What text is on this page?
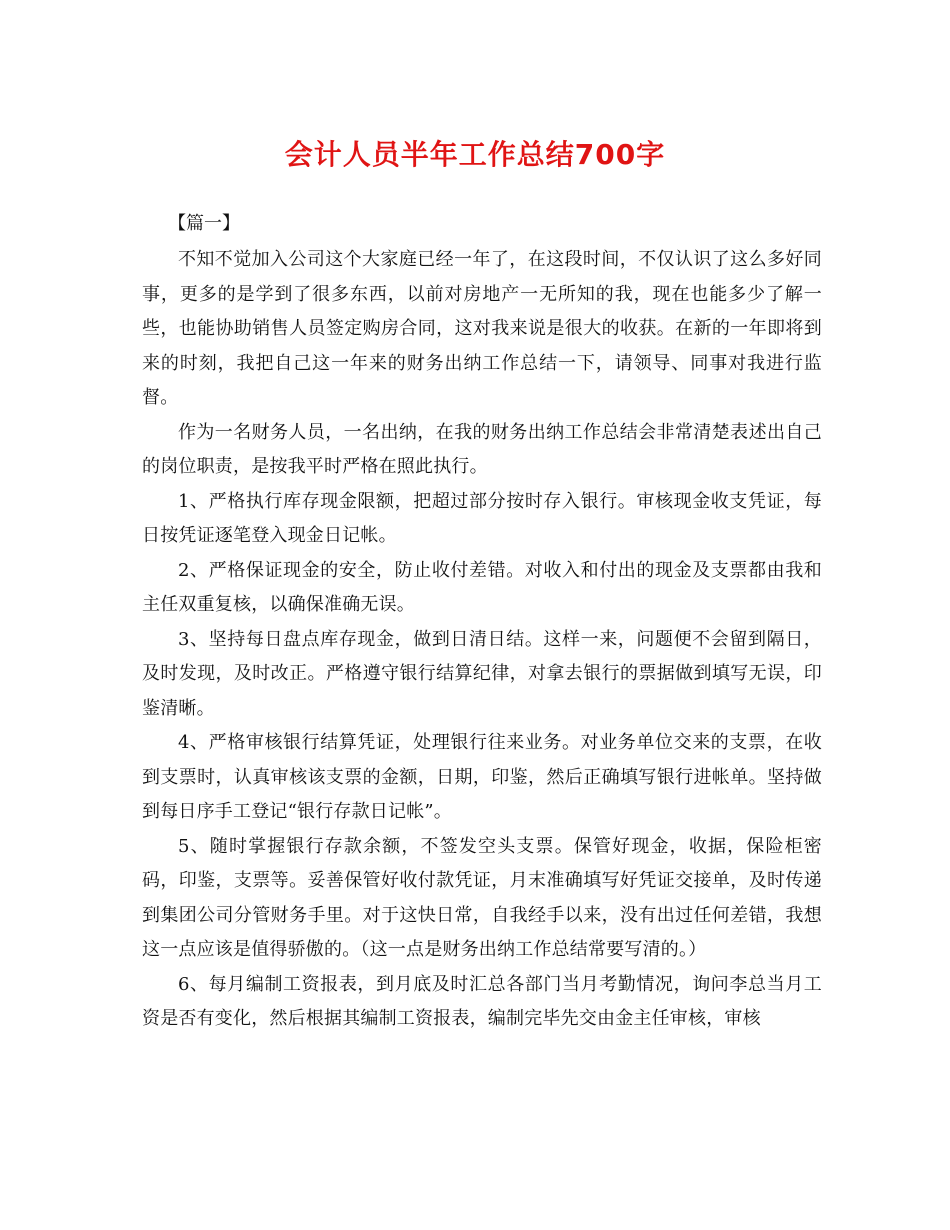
会计人员半年工作总结700字
【篇一】

不知不觉加入公司这个大家庭已经一年了，在这段时间，不仅认识了这么多好同事，更多的是学到了很多东西，以前对房地产一无所知的我，现在也能多少了解一些，也能协助销售人员签定购房合同，这对我来说是很大的收获。在新的一年即将到来的时刻，我把自己这一年来的财务出纳工作总结一下，请领导、同事对我进行监督。

作为一名财务人员，一名出纳，在我的财务出纳工作总结会非常清楚表述出自己的岗位职责，是按我平时严格在照此执行。

1、严格执行库存现金限额，把超过部分按时存入银行。审核现金收支凭证，每日按凭证逐笔登入现金日记帐。

2、严格保证现金的安全，防止收付差错。对收入和付出的现金及支票都由我和主任双重复核，以确保准确无误。

3、坚持每日盘点库存现金，做到日清日结。这样一来，问题便不会留到隔日，及时发现，及时改正。严格遵守银行结算纪律，对拿去银行的票据做到填写无误，印鉴清晰。

4、严格审核银行结算凭证，处理银行往来业务。对业务单位交来的支票，在收到支票时，认真审核该支票的金额，日期，印鉴，然后正确填写银行进帐单。坚持做到每日序手工登记“银行存款日记帐”。

5、随时掌握银行存款余额，不签发空头支票。保管好现金，收据，保险柜密码，印鉴，支票等。妥善保管好收付款凭证，月末准确填写好凭证交接单，及时传递到集团公司分管财务手里。对于这快日常，自我经手以来，没有出过任何差错，我想这一点应该是值得骄傲的。（这一点是财务出纳工作总结常要写清的。）

6、每月编制工资报表，到月底及时汇总各部门当月考勤情况，询问李总当月工资是否有变化，然后根据其编制工资报表，编制完毕先交由金主任审核，审核
